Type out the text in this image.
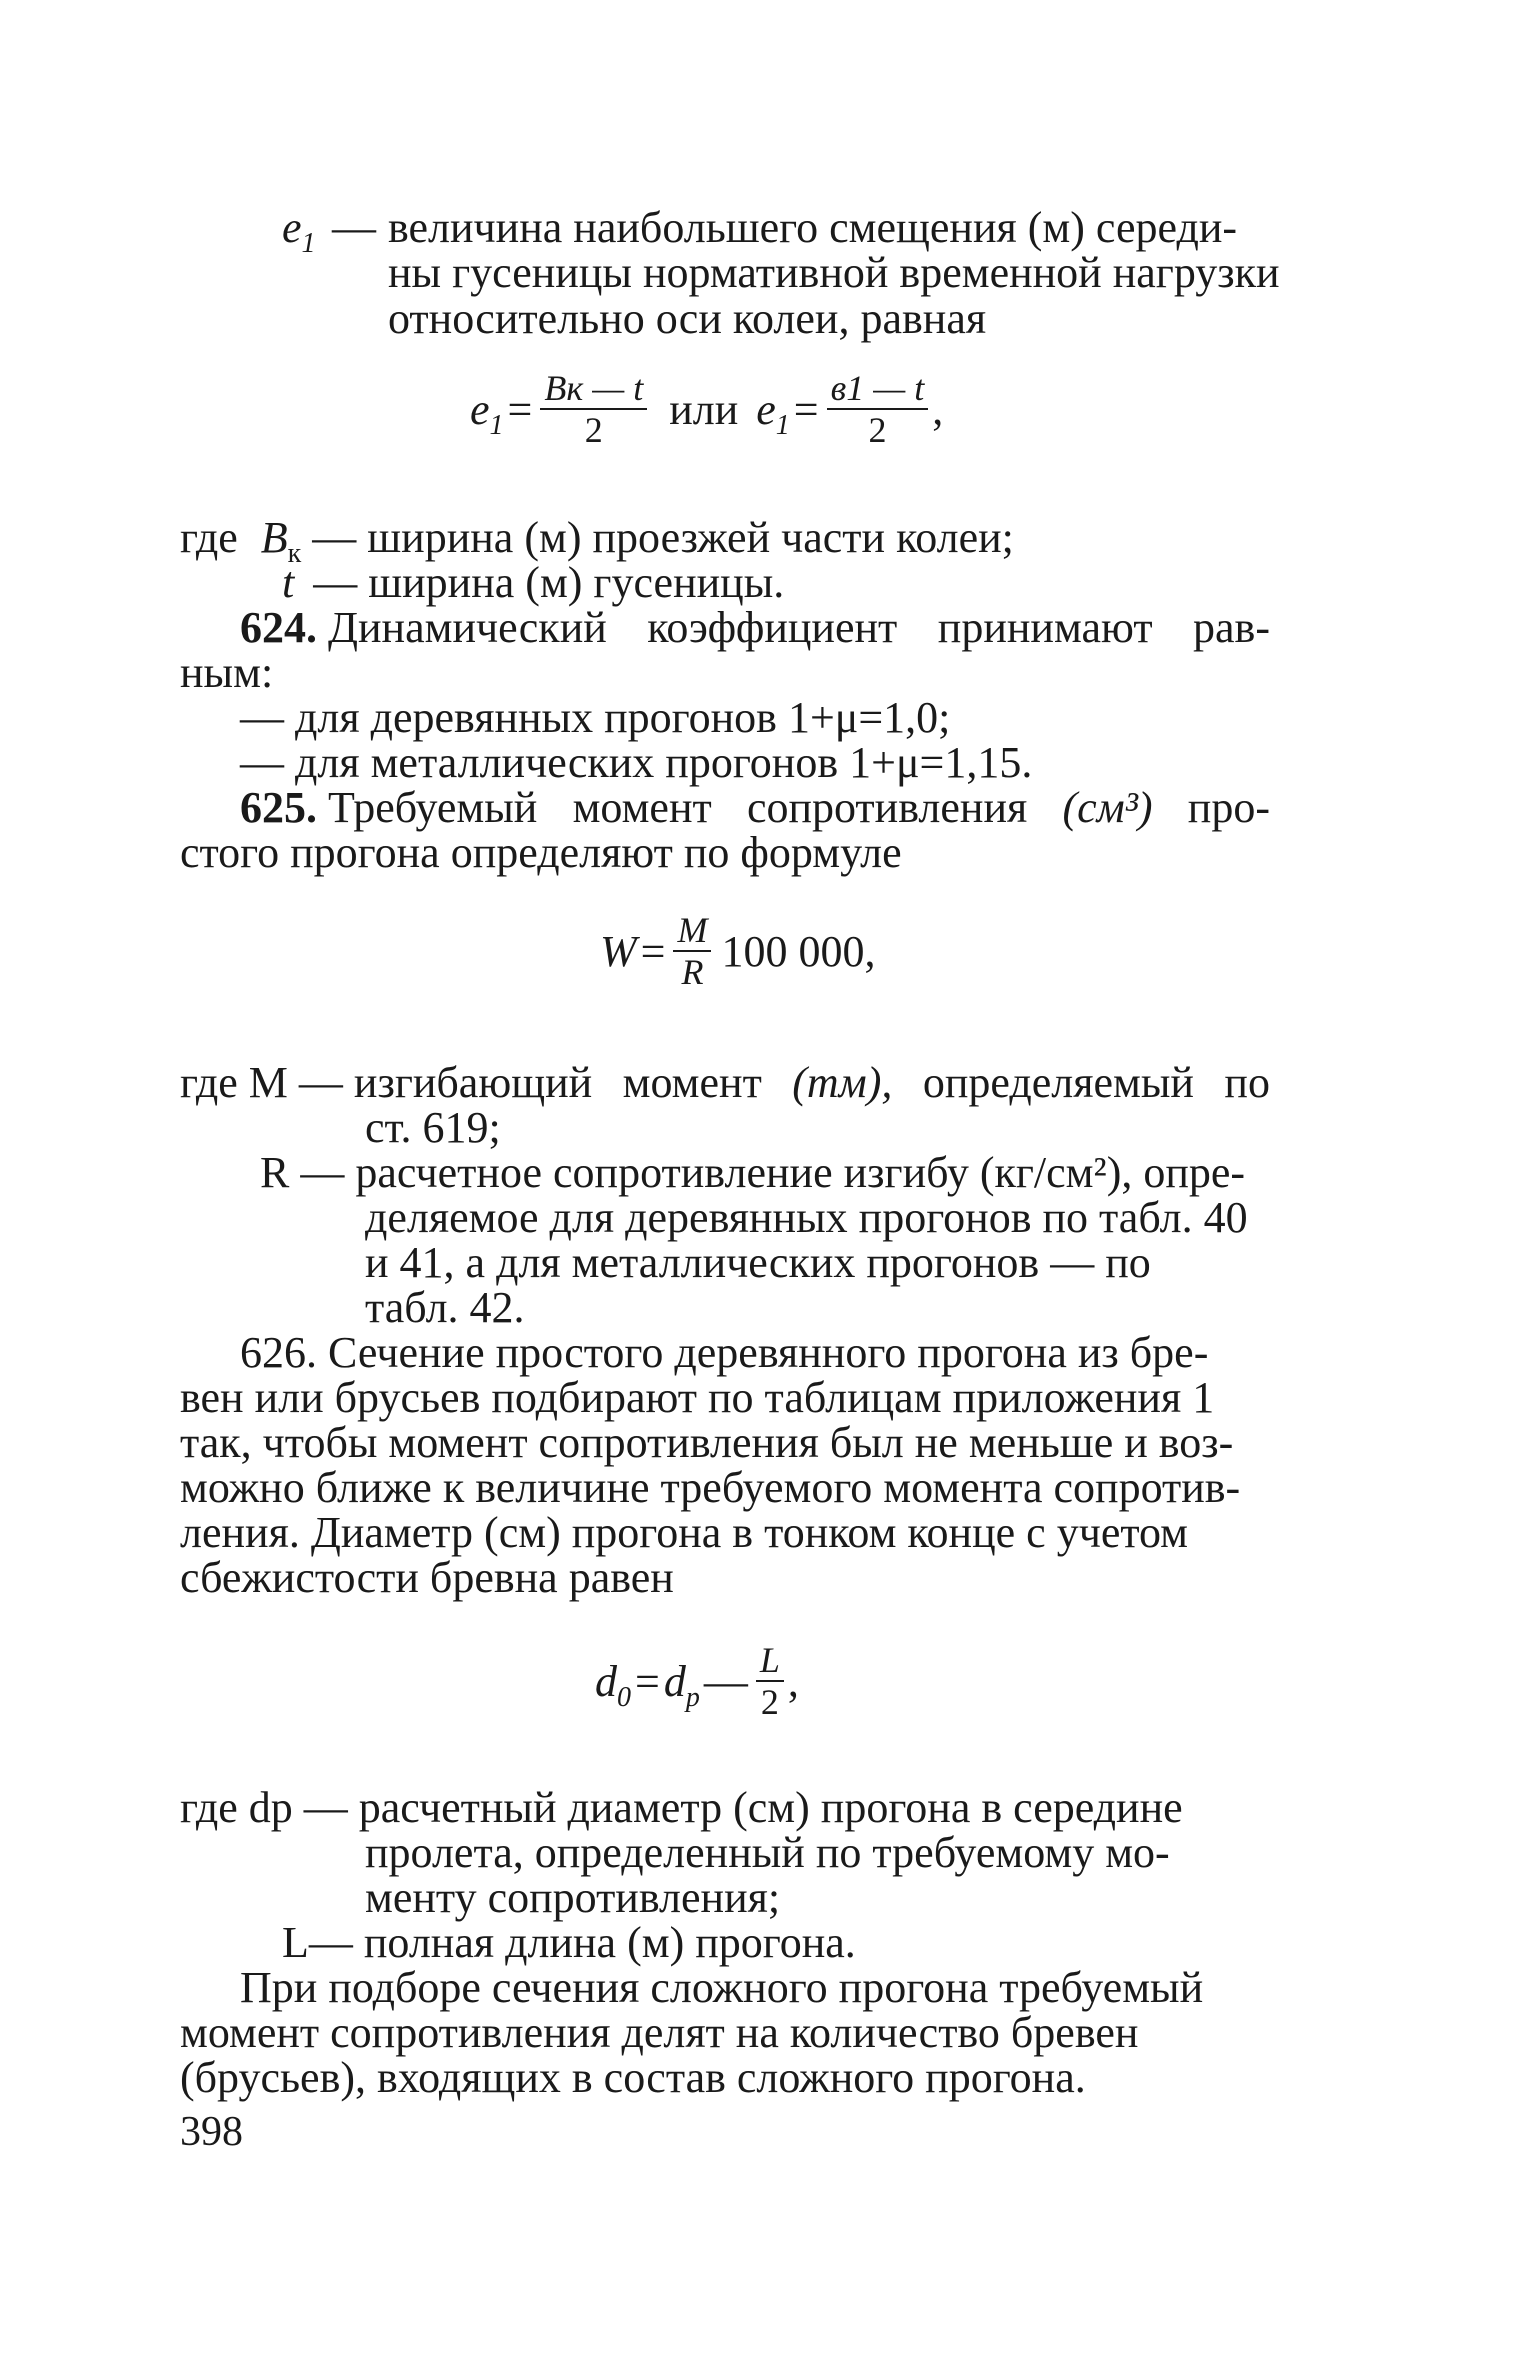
$e_1$ — величина наибольшего смещения (м) середи-
ны гусеницы нормативной временной нагрузки
относительно оси колеи, равная
$e_1 = \frac{Bк — t}{2}$ или $e_1 = \frac{в1 — t}{2}$ ,
где $B_к$ — ширина (м) проезжей части колеи;
t — ширина (м) гусеницы.
624. Динамический коэффициент принимают рав-
ным:
— для деревянных прогонов 1+μ=1,0;
— для металлических прогонов 1+μ=1,15.
625. Требуемый момент сопротивления (см³) про-
стого прогона определяют по формуле
$W = \frac{M}{R} 100$ 000,
где M — изгибающий момент (тм), определяемый по
ст. 619;
R — расчетное сопротивление изгибу (кг/см²), опре-
деляемое для деревянных прогонов по табл. 40
и 41, а для металлических прогонов — по
табл. 42.
626. Сечение простого деревянного прогона из бре-
вен или брусьев подбирают по таблицам приложения 1
так, чтобы момент сопротивления был не меньше и воз-
можно ближе к величине требуемого момента сопротив-
ления. Диаметр (см) прогона в тонком конце с учетом
сбежистости бревна равен
$d_0 = d_p$ — $\frac{L}{2}$ ,
где dp — расчетный диаметр (см) прогона в середине
пролета, определенный по требуемому мо-
менту сопротивления;
L— полная длина (м) прогона.
При подборе сечения сложного прогона требуемый
момент сопротивления делят на количество бревен
(брусьев), входящих в состав сложного прогона.
398
